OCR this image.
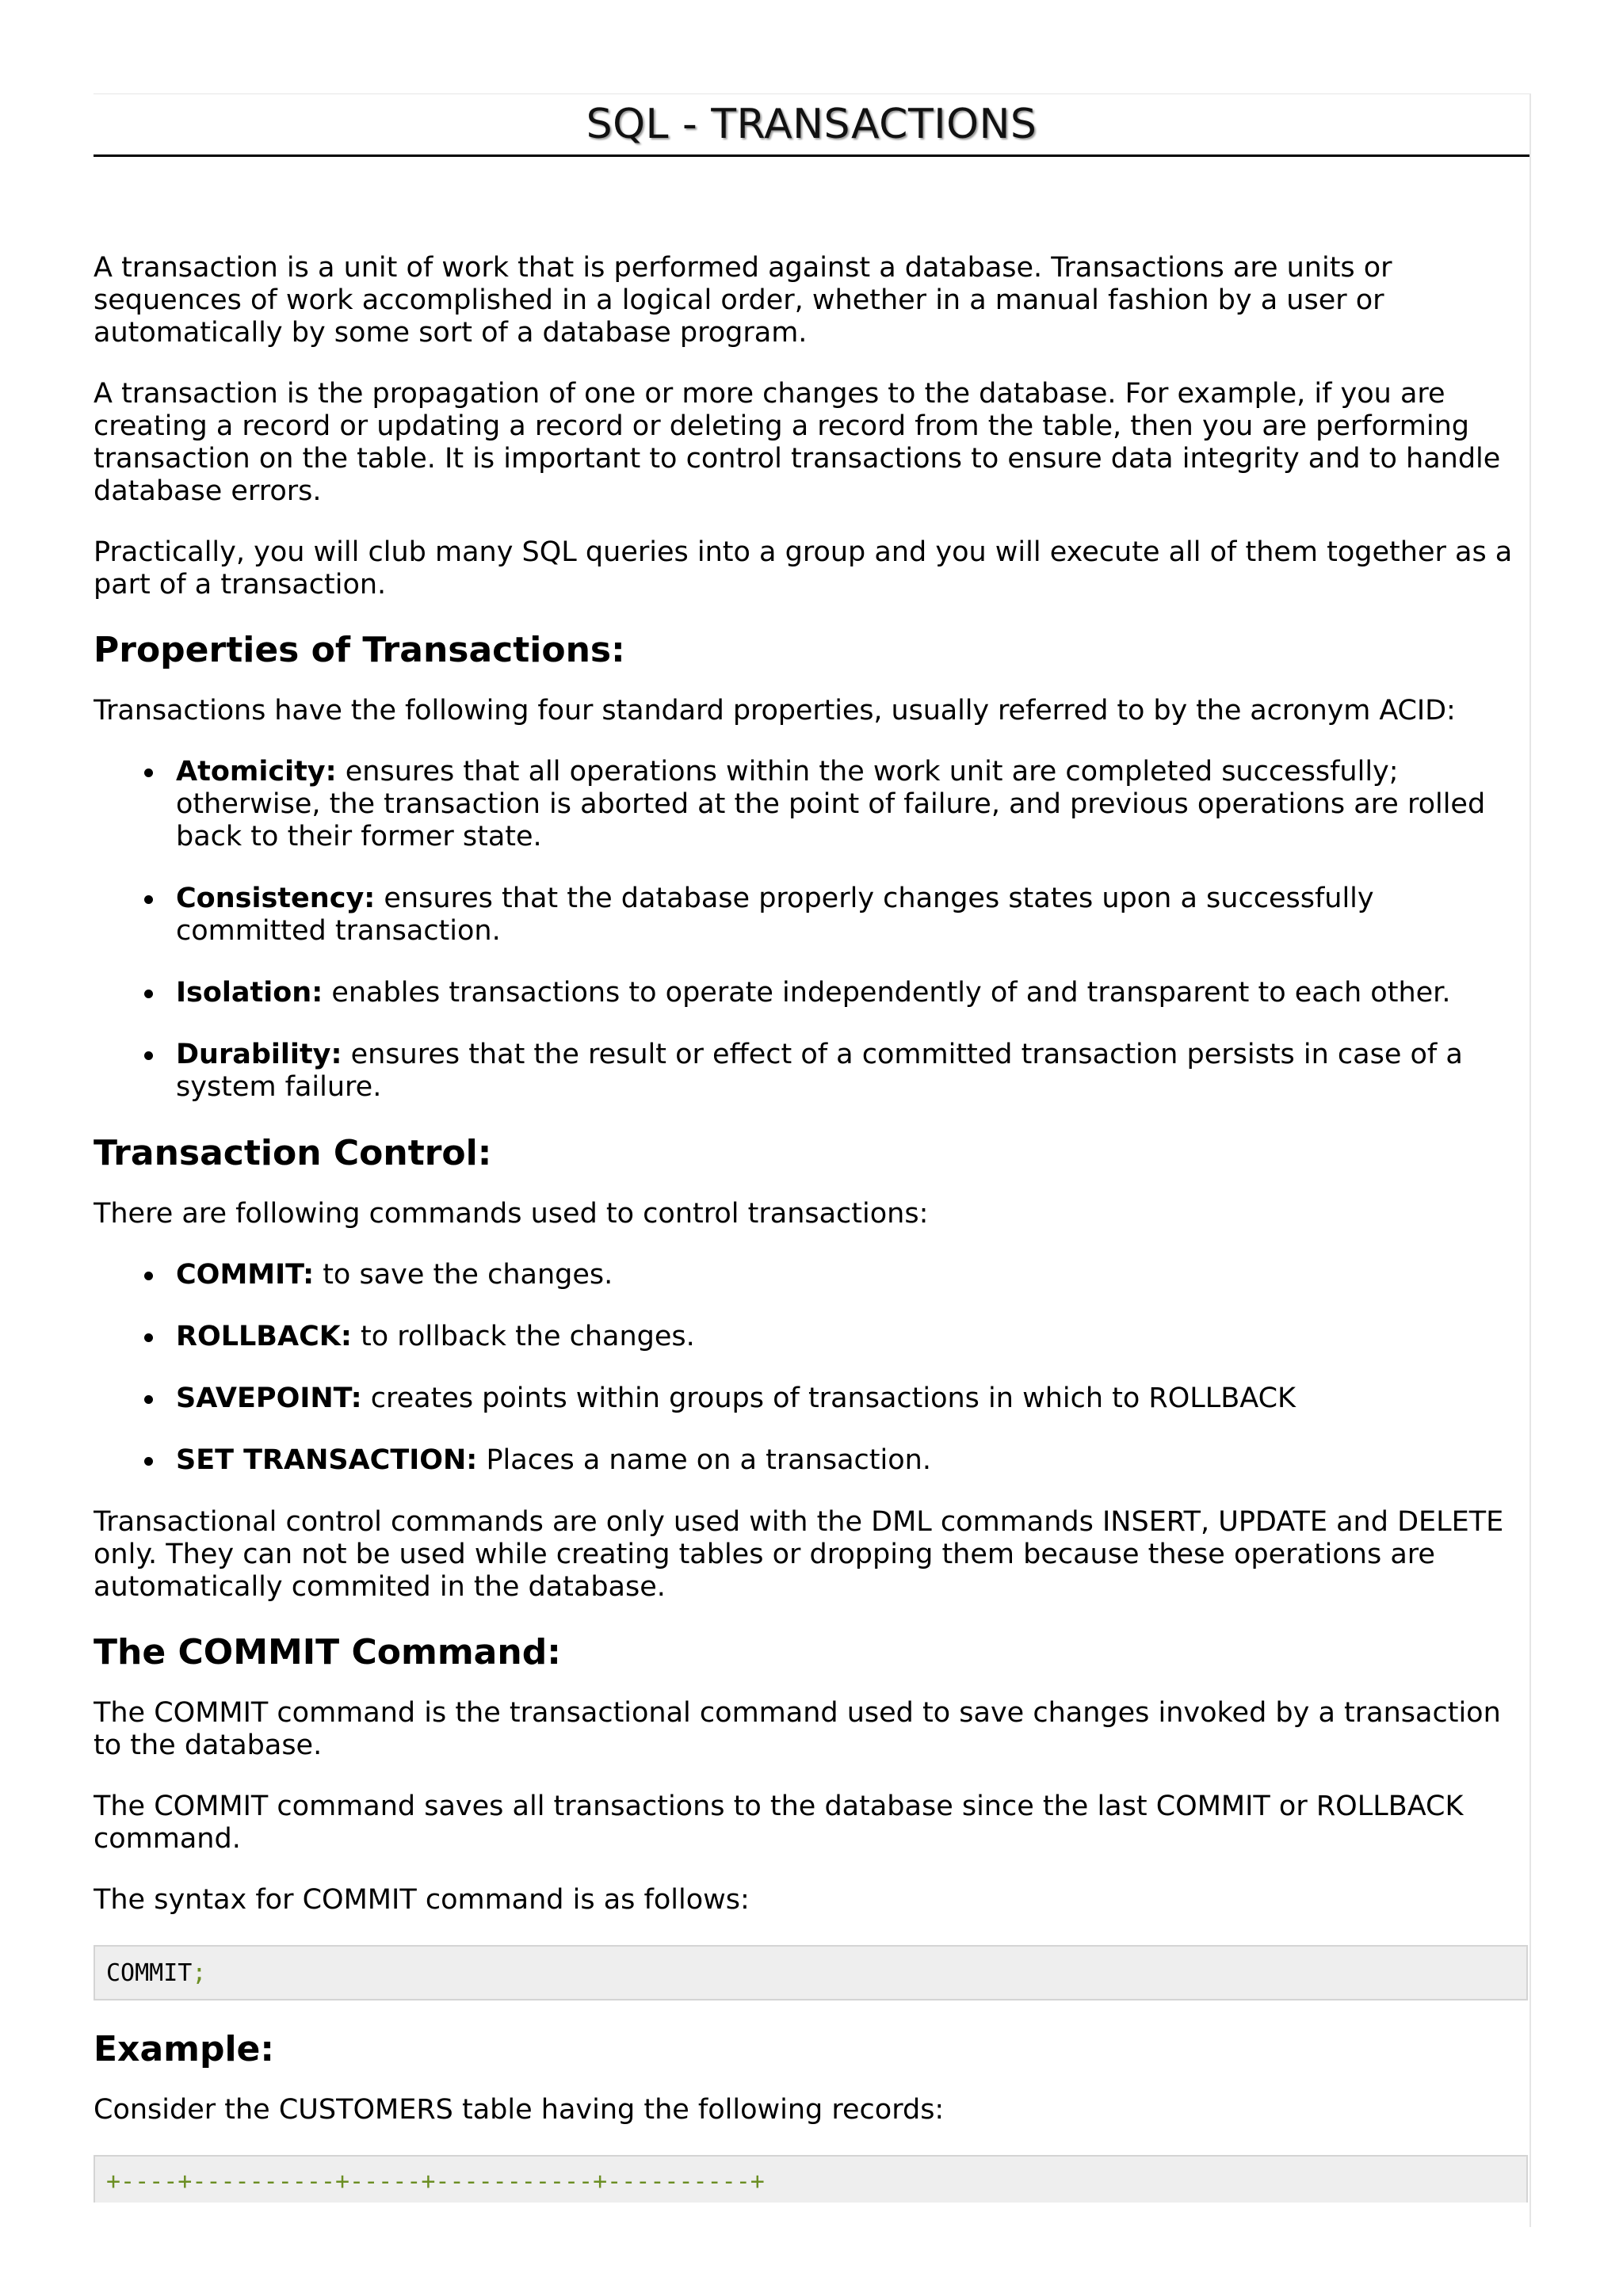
SQL - TRANSACTIONS

A transaction is a unit of work that is performed against a database. Transactions are units or sequences of work accomplished in a logical order, whether in a manual fashion by a user or automatically by some sort of a database program.

A transaction is the propagation of one or more changes to the database. For example, if you are creating a record or updating a record or deleting a record from the table, then you are performing transaction on the table. It is important to control transactions to ensure data integrity and to handle database errors.

Practically, you will club many SQL queries into a group and you will execute all of them together as a part of a transaction.

Properties of Transactions:

Transactions have the following four standard properties, usually referred to by the acronym ACID:

Atomicity: ensures that all operations within the work unit are completed successfully; otherwise, the transaction is aborted at the point of failure, and previous operations are rolled back to their former state.
Consistency: ensures that the database properly changes states upon a successfully committed transaction.
Isolation: enables transactions to operate independently of and transparent to each other.
Durability: ensures that the result or effect of a committed transaction persists in case of a system failure.
Transaction Control:

There are following commands used to control transactions:

COMMIT: to save the changes.
ROLLBACK: to rollback the changes.
SAVEPOINT: creates points within groups of transactions in which to ROLLBACK
SET TRANSACTION: Places a name on a transaction.

Transactional control commands are only used with the DML commands INSERT, UPDATE and DELETE only. They can not be used while creating tables or dropping them because these operations are automatically commited in the database.

The COMMIT Command:

The COMMIT command is the transactional command used to save changes invoked by a transaction to the database.

The COMMIT command saves all transactions to the database since the last COMMIT or ROLLBACK command.

The syntax for COMMIT command is as follows:

COMMIT;
Example:

Consider the CUSTOMERS table having the following records:

+----+----------+-----+-----------+----------+
